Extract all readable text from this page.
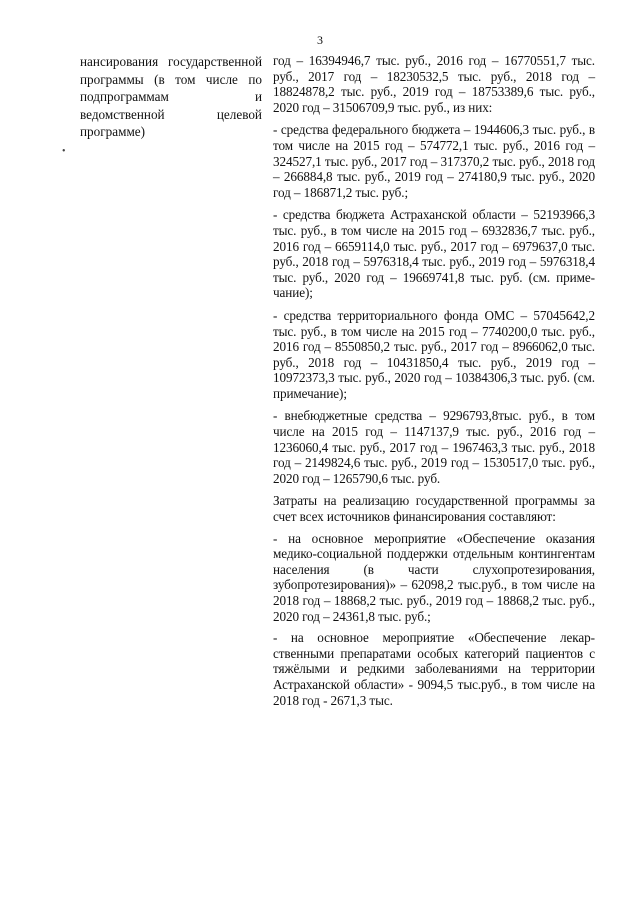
3

нансирования государственной программы (в том числе по подпрограммам и ведомственной целевой программе)

•

год – 16394946,7 тыс. руб., 2016 год – 16770551,7 тыс. руб., 2017 год – 18230532,5 тыс. руб., 2018 год – 18824878,2 тыс. руб., 2019 год – 18753389,6 тыс. руб., 2020 год – 31506709,9 тыс. руб., из них:

- средства федерального бюджета – 1944606,3 тыс. руб., в том числе на 2015 год – 574772,1 тыс. руб., 2016 год – 324527,1 тыс. руб., 2017 год – 317370,2 тыс. руб., 2018 год – 266884,8 тыс. руб., 2019 год – 274180,9 тыс. руб., 2020 год – 186871,2 тыс. руб.;

- средства бюджета Астраханской области – 52193966,3 тыс. руб., в том числе на 2015 год – 6932836,7 тыс. руб., 2016 год – 6659114,0 тыс. руб., 2017 год – 6979637,0 тыс. руб., 2018 год – 5976318,4 тыс. руб., 2019 год – 5976318,4 тыс. руб., 2020 год – 19669741,8 тыс. руб. (см. примечание);

- средства территориального фонда ОМС – 57045642,2 тыс. руб., в том числе на 2015 год – 7740200,0 тыс. руб., 2016 год – 8550850,2 тыс. руб., 2017 год – 8966062,0 тыс. руб., 2018 год – 10431850,4 тыс. руб., 2019 год – 10972373,3 тыс. руб., 2020 год – 10384306,3 тыс. руб. (см. примечание);

- внебюджетные средства – 9296793,8тыс. руб., в том числе на 2015 год – 1147137,9 тыс. руб., 2016 год – 1236060,4 тыс. руб., 2017 год – 1967463,3 тыс. руб., 2018 год – 2149824,6 тыс. руб., 2019 год – 1530517,0 тыс. руб., 2020 год – 1265790,6 тыс. руб.

Затраты на реализацию государственной программы за счет всех источников финансирования составляют:

- на основное мероприятие «Обеспечение оказания медико-социальной поддержки отдельным контингентам населения (в части слухопротезирования, зубопротезирования)» – 62098,2 тыс.руб., в том числе на 2018 год – 18868,2 тыс. руб., 2019 год – 18868,2 тыс. руб., 2020 год – 24361,8 тыс. руб.;

- на основное мероприятие «Обеспечение лекарственными препаратами особых категорий пациентов с тяжёлыми и редкими заболеваниями на территории Астраханской области» - 9094,5 тыс.руб., в том числе на 2018 год - 2671,3 тыс.
